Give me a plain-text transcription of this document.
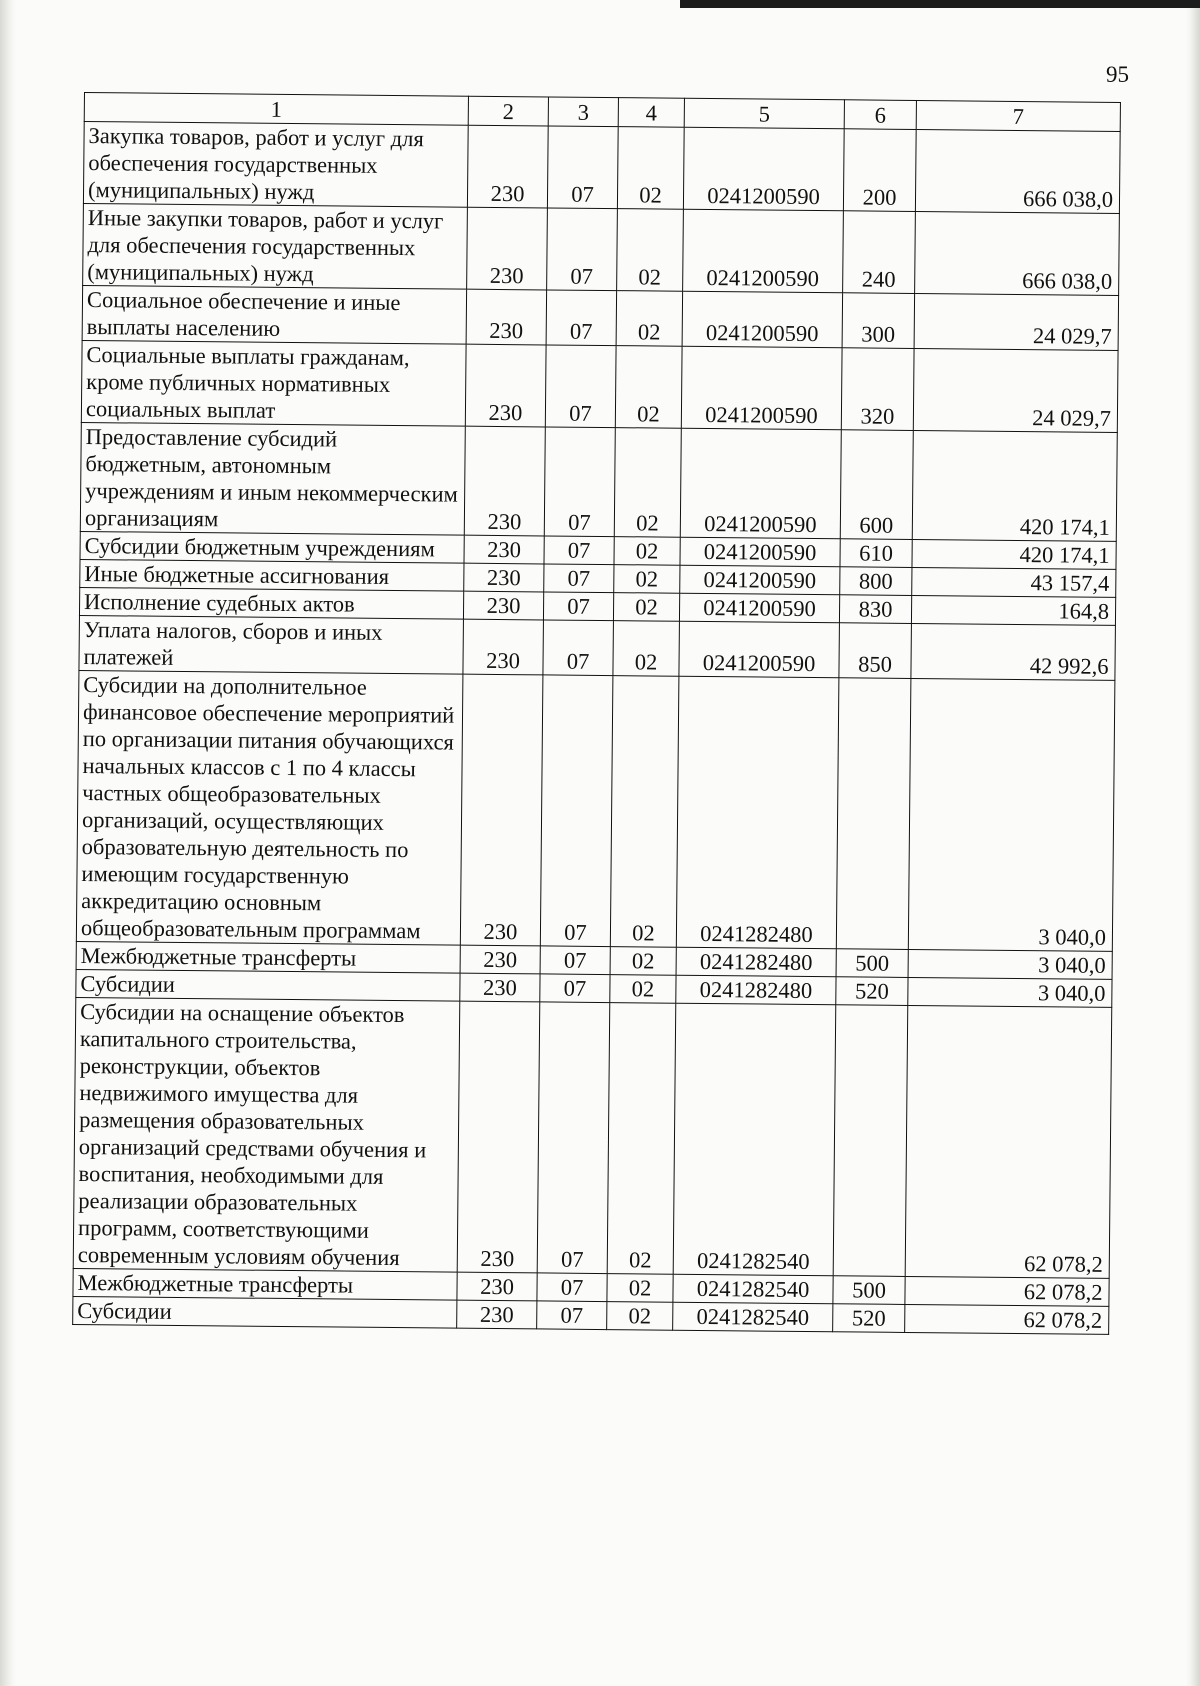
95
1	2	3	4	5	6	7
Закупка товаров, работ и услуг для обеспечения государственных (муниципальных) нужд	230	07	02	0241200590	200	666 038,0
Иные закупки товаров, работ и услуг для обеспечения государственных (муниципальных) нужд	230	07	02	0241200590	240	666 038,0
Социальное обеспечение и иные выплаты населению	230	07	02	0241200590	300	24 029,7
Социальные выплаты гражданам, кроме публичных нормативных социальных выплат	230	07	02	0241200590	320	24 029,7
Предоставление субсидий бюджетным, автономным учреждениям и иным некоммерческим организациям	230	07	02	0241200590	600	420 174,1
Субсидии бюджетным учреждениям	230	07	02	0241200590	610	420 174,1
Иные бюджетные ассигнования	230	07	02	0241200590	800	43 157,4
Исполнение судебных актов	230	07	02	0241200590	830	164,8
Уплата налогов, сборов и иных платежей	230	07	02	0241200590	850	42 992,6
Субсидии на дополнительное финансовое обеспечение мероприятий по организации питания обучающихся начальных классов с 1 по 4 классы частных общеобразовательных организаций, осуществляющих образовательную деятельность по имеющим государственную аккредитацию основным общеобразовательным программам	230	07	02	0241282480		3 040,0
Межбюджетные трансферты	230	07	02	0241282480	500	3 040,0
Субсидии	230	07	02	0241282480	520	3 040,0
Субсидии на оснащение объектов капитального строительства, реконструкции, объектов недвижимого имущества для размещения образовательных организаций средствами обучения и воспитания, необходимыми для реализации образовательных программ, соответствующими современным условиям обучения	230	07	02	0241282540		62 078,2
Межбюджетные трансферты	230	07	02	0241282540	500	62 078,2
Субсидии	230	07	02	0241282540	520	62 078,2
